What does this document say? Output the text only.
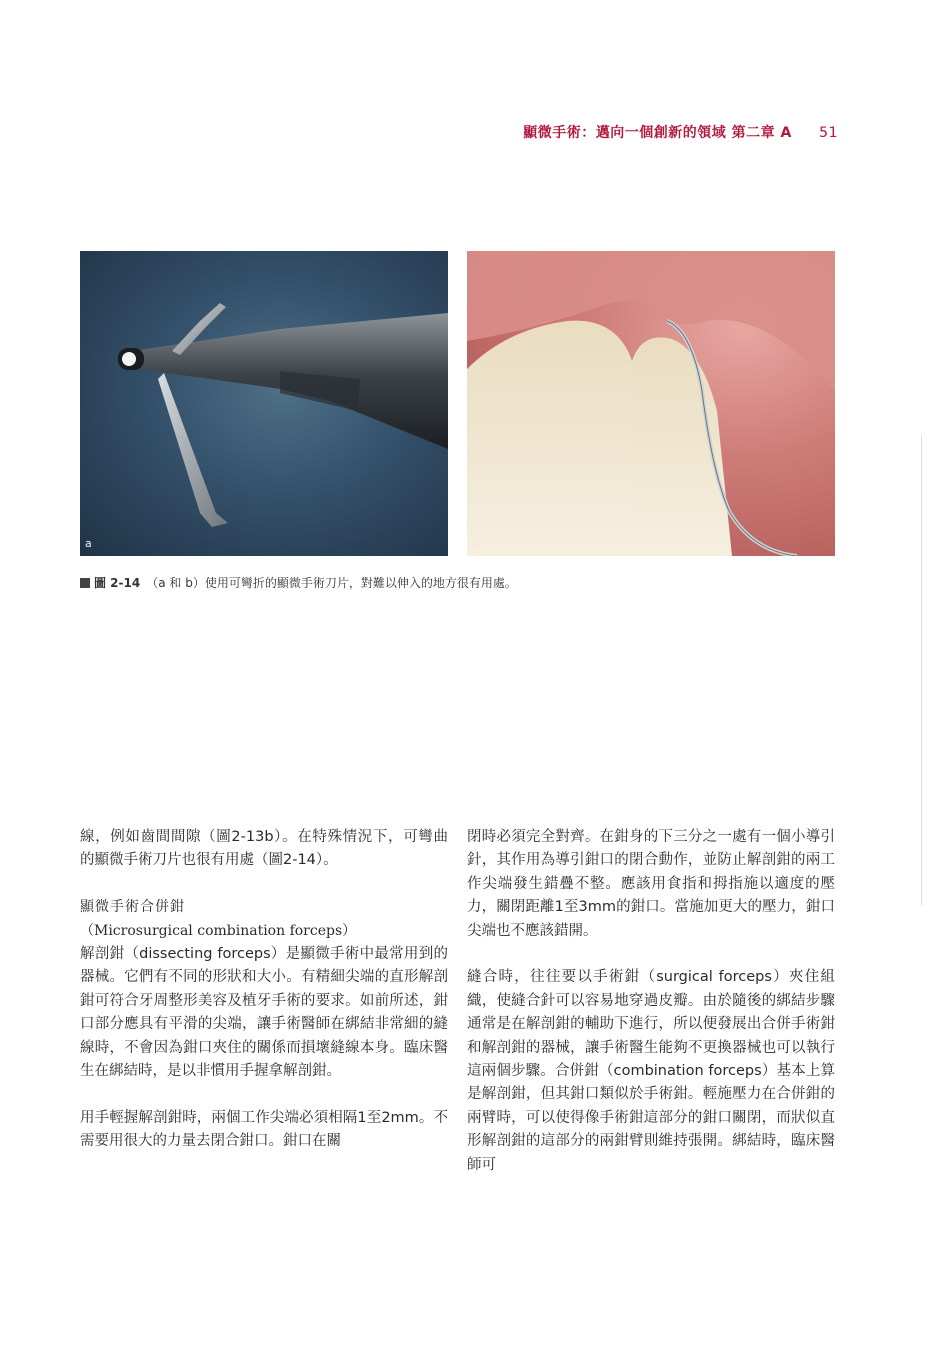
顯微手術：邁向一個創新的領域 第二章 A 51
a	b
圖 2-14 （a 和 b）使用可彎折的顯微手術刀片，對難以伸入的地方很有用處。

線，例如齒間間隙（圖2-13b）。在特殊情況下，可彎曲的顯微手術刀片也很有用處（圖2-14）。

顯微手術合併鉗
（Microsurgical combination forceps）

解剖鉗（dissecting forceps）是顯微手術中最常用到的器械。它們有不同的形狀和大小。有精細尖端的直形解剖鉗可符合牙周整形美容及植牙手術的要求。如前所述，鉗口部分應具有平滑的尖端，讓手術醫師在綁結非常細的縫線時，不會因為鉗口夾住的關係而損壞縫線本身。臨床醫生在綁結時，是以非慣用手握拿解剖鉗。

用手輕握解剖鉗時，兩個工作尖端必須相隔1至2mm。不需要用很大的力量去閉合鉗口。鉗口在關

閉時必須完全對齊。在鉗身的下三分之一處有一個小導引針，其作用為導引鉗口的閉合動作，並防止解剖鉗的兩工作尖端發生錯疊不整。應該用食指和拇指施以適度的壓力，關閉距離1至3mm的鉗口。當施加更大的壓力，鉗口尖端也不應該錯開。

縫合時，往往要以手術鉗（surgical forceps）夾住組織，使縫合針可以容易地穿過皮瓣。由於隨後的綁結步驟通常是在解剖鉗的輔助下進行，所以便發展出合併手術鉗和解剖鉗的器械，讓手術醫生能夠不更換器械也可以執行這兩個步驟。合併鉗（combination forceps）基本上算是解剖鉗，但其鉗口類似於手術鉗。輕施壓力在合併鉗的兩臂時，可以使得像手術鉗這部分的鉗口關閉，而狀似直形解剖鉗的這部分的兩鉗臂則維持張開。綁結時，臨床醫師可
